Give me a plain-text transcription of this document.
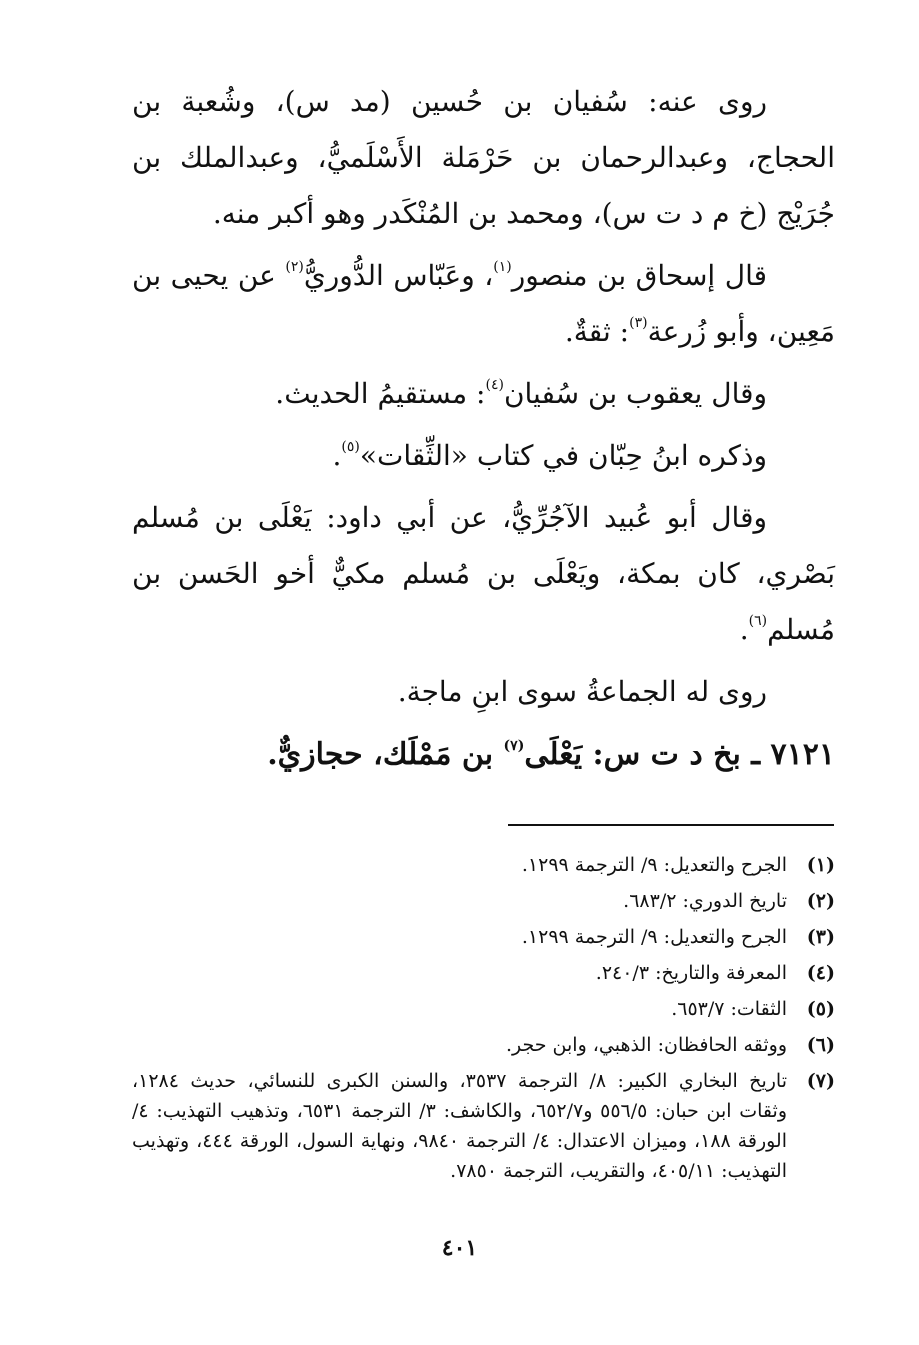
روى عنه: سُفيان بن حُسين (مد س)، وشُعبة بن الحجاج، وعبدالرحمان بن حَرْمَلة الأَسْلَميُّ، وعبدالملك بن جُرَيْج (خ م د ت س)، ومحمد بن المُنْكَدر وهو أكبر منه.

قال إسحاق بن منصور$^{(١)}$، وعَبّاس الدُّوريُّ$^{(٢)}$ عن يحيى بن مَعِين، وأبو زُرعة$^{(٣)}$: ثقةٌ.

وقال يعقوب بن سُفيان$^{(٤)}$: مستقيمُ الحديث.

وذكره ابنُ حِبّان في كتاب «الثِّقات»$^{(٥)}$.

وقال أبو عُبيد الآجُرِّيُّ، عن أبي داود: يَعْلَى بن مُسلم بَصْري، كان بمكة، ويَعْلَى بن مُسلم مكيٌّ أخو الحَسن بن مُسلم$^{(٦)}$.

روى له الجماعةُ سوى ابنِ ماجة.

٧١٢١ ـ بخ د ت س: يَعْلَى$^{(٧)}$ بن مَمْلَك، حجازيٌّ.

(١)
الجرح والتعديل: ٩/ الترجمة ١٢٩٩.
(٢)
تاريخ الدوري: ٦٨٣/٢.
(٣)
الجرح والتعديل: ٩/ الترجمة ١٢٩٩.
(٤)
المعرفة والتاريخ: ٢٤٠/٣.
(٥)
الثقات: ٦٥٣/٧.
(٦)
ووثقه الحافظان: الذهبي، وابن حجر.
(٧)
تاريخ البخاري الكبير: ٨/ الترجمة ٣٥٣٧، والسنن الكبرى للنسائي، حديث ١٢٨٤، وثقات ابن حبان: ٥٥٦/٥ و٦٥٢/٧، والكاشف: ٣/ الترجمة ٦٥٣١، وتذهيب التهذيب: ٤/ الورقة ١٨٨، وميزان الاعتدال: ٤/ الترجمة ٩٨٤٠، ونهاية السول، الورقة ٤٤٤، وتهذيب التهذيب: ٤٠٥/١١، والتقريب، الترجمة ٧٨٥٠.
٤٠١
